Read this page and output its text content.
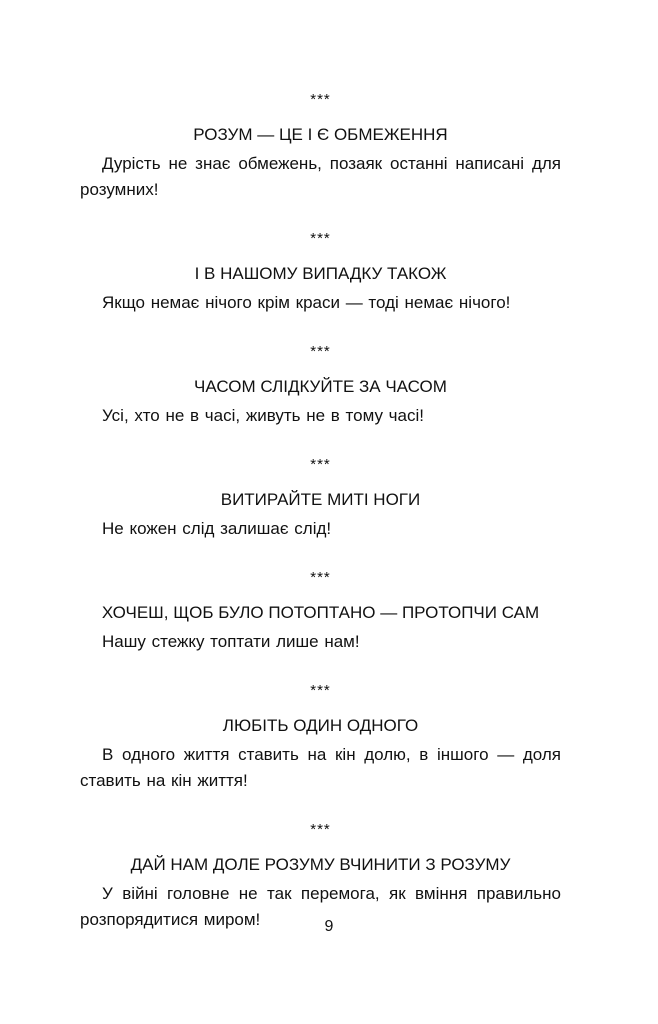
***
РОЗУМ — ЦЕ І Є ОБМЕЖЕННЯ

Дурість не знає обмежень, позаяк останні написані для розумних!

***
І В НАШОМУ ВИПАДКУ ТАКОЖ

Якщо немає нічого крім краси — тоді немає нічого!

***
ЧАСОМ СЛІДКУЙТЕ ЗА ЧАСОМ

Усі, хто не в часі, живуть не в тому часі!

***
ВИТИРАЙТЕ МИТІ НОГИ

Не кожен слід залишає слід!

***
ХОЧЕШ, ЩОБ БУЛО ПОТОПТАНО — ПРОТОПЧИ САМ

Нашу стежку топтати лише нам!

***
ЛЮБІТЬ ОДИН ОДНОГО

В одного життя ставить на кін долю, в іншого — доля ставить на кін життя!

***
ДАЙ НАМ ДОЛЕ РОЗУМУ ВЧИНИТИ З РОЗУМУ

У війні головне не так перемога, як вміння правильно розпорядитися миром!	9
